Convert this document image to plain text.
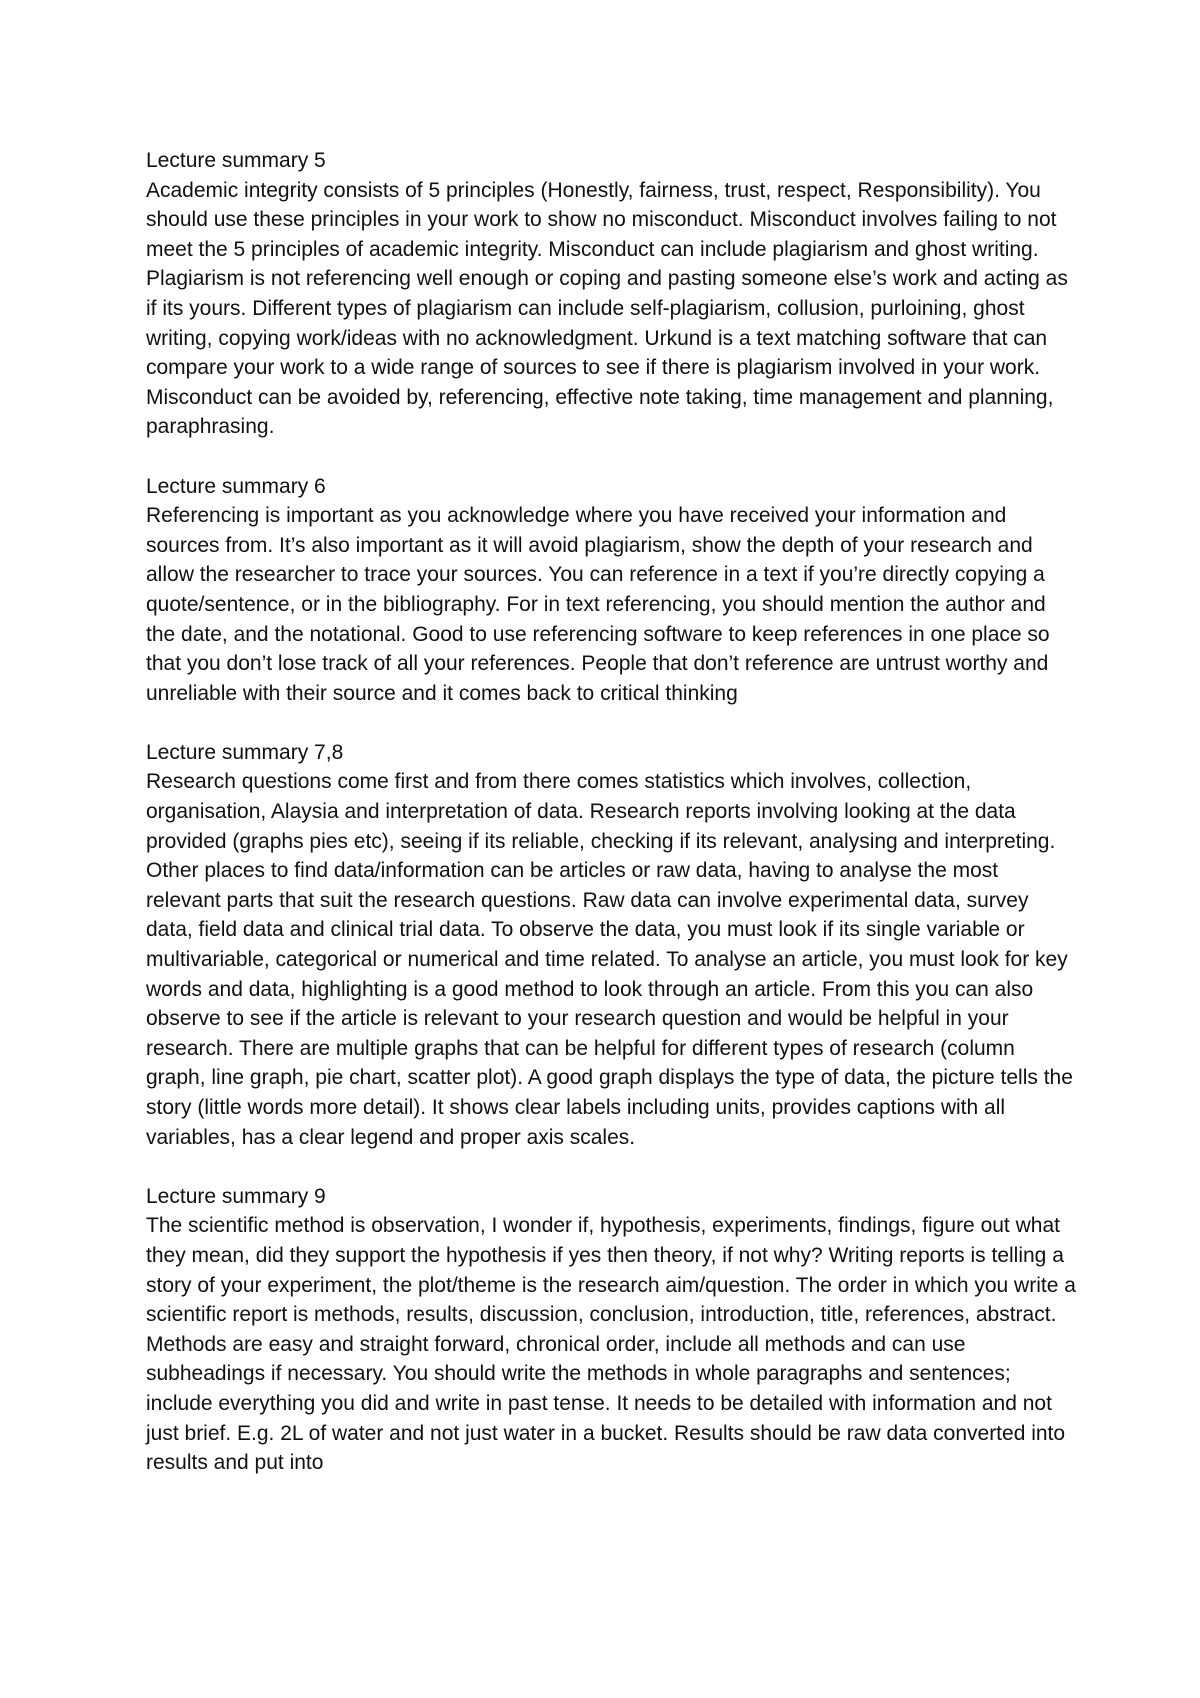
Lecture summary 5
Academic integrity consists of 5 principles (Honestly, fairness, trust, respect, Responsibility). You should use these principles in your work to show no misconduct. Misconduct involves failing to not meet the 5 principles of academic integrity. Misconduct can include plagiarism and ghost writing. Plagiarism is not referencing well enough or coping and pasting someone else’s work and acting as if its yours. Different types of plagiarism can include self-plagiarism, collusion, purloining, ghost writing, copying work/ideas with no acknowledgment. Urkund is a text matching software that can compare your work to a wide range of sources to see if there is plagiarism involved in your work. Misconduct can be avoided by, referencing, effective note taking, time management and planning, paraphrasing.
Lecture summary 6
Referencing is important as you acknowledge where you have received your information and sources from. It’s also important as it will avoid plagiarism, show the depth of your research and allow the researcher to trace your sources. You can reference in a text if you’re directly copying a quote/sentence, or in the bibliography. For in text referencing, you should mention the author and the date, and the notational. Good to use referencing software to keep references in one place so that you don’t lose track of all your references. People that don’t reference are untrust worthy and unreliable with their source and it comes back to critical thinking
Lecture summary 7,8
Research questions come first and from there comes statistics which involves, collection, organisation, Alaysia and interpretation of data. Research reports involving looking at the data provided (graphs pies etc), seeing if its reliable, checking if its relevant, analysing and interpreting. Other places to find data/information can be articles or raw data, having to analyse the most relevant parts that suit the research questions. Raw data can involve experimental data, survey data, field data and clinical trial data. To observe the data, you must look if its single variable or multivariable, categorical or numerical and time related. To analyse an article, you must look for key words and data, highlighting is a good method to look through an article. From this you can also observe to see if the article is relevant to your research question and would be helpful in your research. There are multiple graphs that can be helpful for different types of research (column graph, line graph, pie chart, scatter plot). A good graph displays the type of data, the picture tells the story (little words more detail). It shows clear labels including units, provides captions with all variables, has a clear legend and proper axis scales.
Lecture summary 9
The scientific method is observation, I wonder if, hypothesis, experiments, findings, figure out what they mean, did they support the hypothesis if yes then theory, if not why? Writing reports is telling a story of your experiment, the plot/theme is the research aim/question. The order in which you write a scientific report is methods, results, discussion, conclusion, introduction, title, references, abstract. Methods are easy and straight forward, chronical order, include all methods and can use subheadings if necessary. You should write the methods in whole paragraphs and sentences; include everything you did and write in past tense. It needs to be detailed with information and not just brief. E.g. 2L of water and not just water in a bucket. Results should be raw data converted into results and put into
